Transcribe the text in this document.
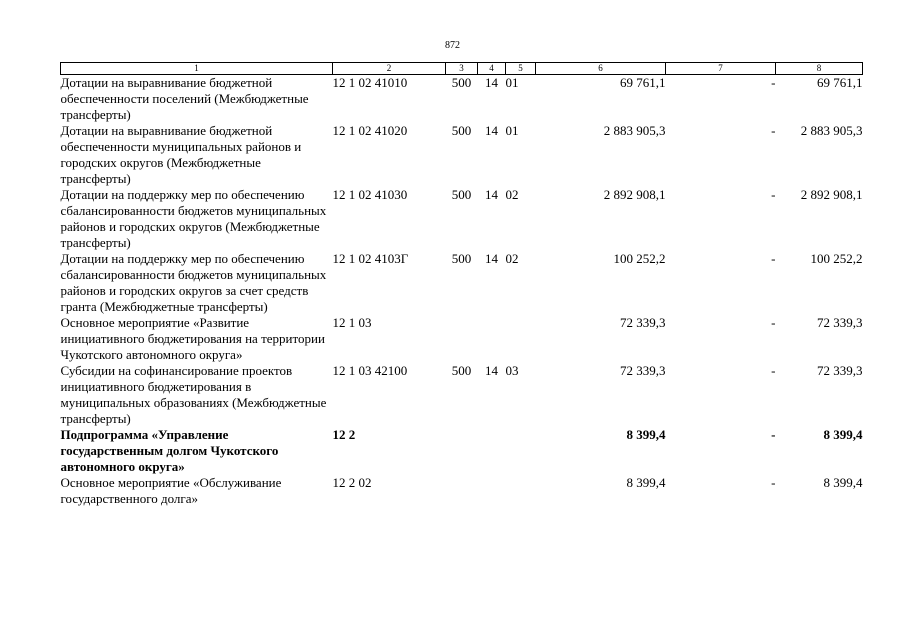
872
1	2	3	4	5	6	7	8
Дотации на выравнивание бюджетной обеспеченности поселений (Межбюджетные трансферты)	12 1 02 41010	500	14	01	69 761,1	-	69 761,1
Дотации на выравнивание бюджетной обеспеченности муниципальных районов и городских округов (Межбюджетные трансферты)	12 1 02 41020	500	14	01	2 883 905,3	-	2 883 905,3
Дотации на поддержку мер по обеспечению сбалансированности бюджетов муниципальных районов и городских округов (Межбюджетные трансферты)	12 1 02 41030	500	14	02	2 892 908,1	-	2 892 908,1
Дотации на поддержку мер по обеспечению сбалансированности бюджетов муниципальных районов и городских округов за счет средств гранта (Межбюджетные трансферты)	12 1 02 4103Г	500	14	02	100 252,2	-	100 252,2
Основное мероприятие «Развитие инициативного бюджетирования на территории Чукотского автономного округа»	12 1 03				72 339,3	-	72 339,3
Субсидии на софинансирование проектов инициативного бюджетирования в муниципальных образованиях (Межбюджетные трансферты)	12 1 03 42100	500	14	03	72 339,3	-	72 339,3
Подпрограмма «Управление государственным долгом Чукотского автономного округа»	12 2				8 399,4	-	8 399,4
Основное мероприятие «Обслуживание государственного долга»	12 2 02				8 399,4	-	8 399,4
